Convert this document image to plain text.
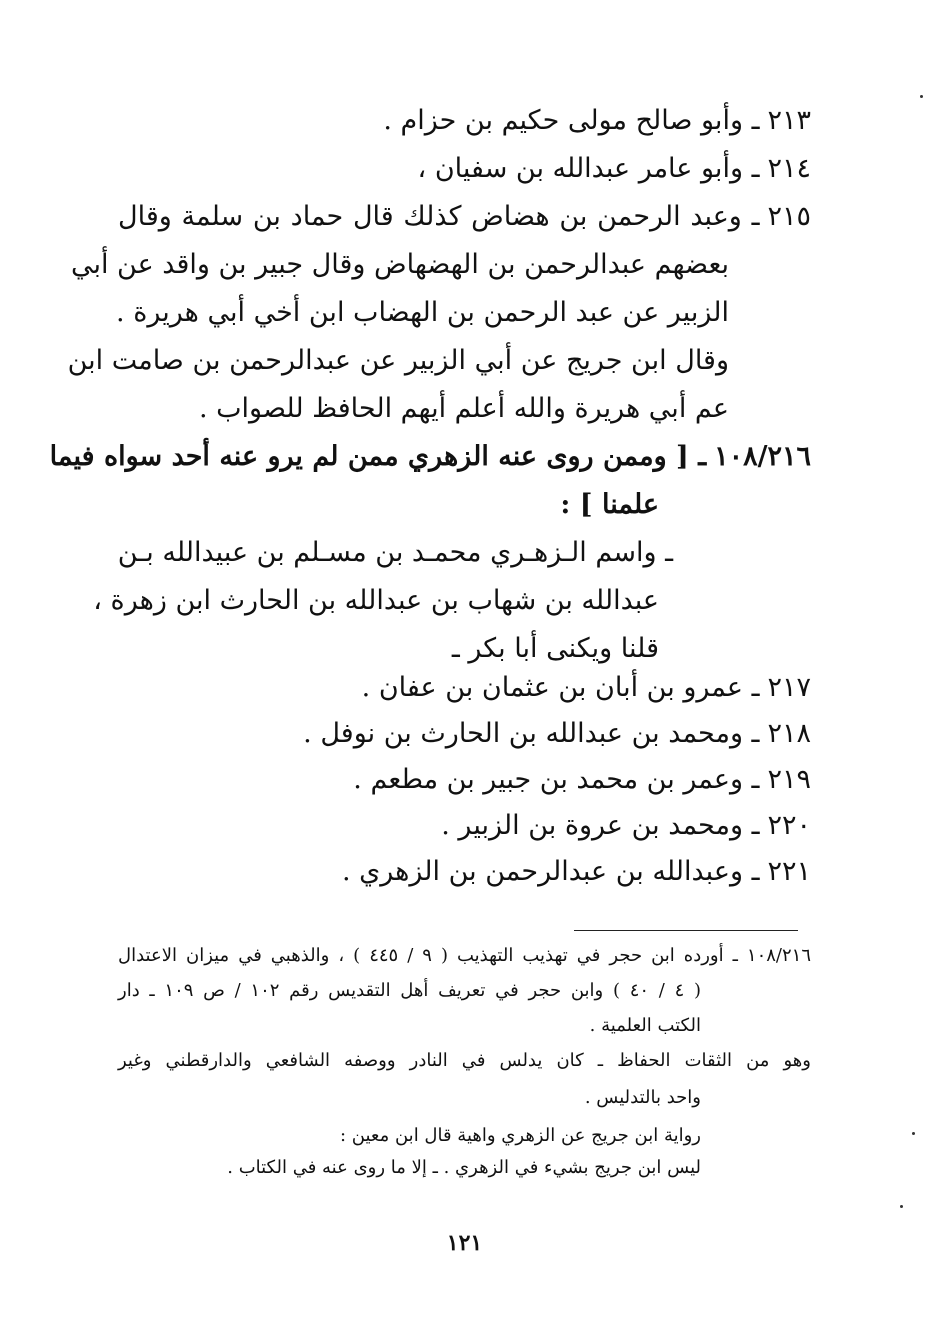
٢١٣ـ وأبو صالح مولى حكيم بن حزام .
٢١٤ـ وأبو عامر عبدالله بن سفيان ،
٢١٥ـ وعبد الرحمن بن هضاض كذلك قال حماد بن سلمة وقال
بعضهم عبدالرحمن بن الهضهاض وقال جبير بن واقد عن أبي
الزبير عن عبد الرحمن بن الهضاب ابن أخي أبي هريرة .
وقال ابن جريج عن أبي الزبير عن عبدالرحمن بن صامت ابن
عم أبي هريرة والله أعلم أيهم الحافظ للصواب .
١٠٨/٢١٦ـ [ وممن روى عنه الزهري ممن لم يرو عنه أحد سواه فيما
علمنا ] :
ـ واسم الـزهـري محمـد بن مسـلم بن عبيدالله بـن
عبدالله بن شهاب بن عبدالله بن الحارث ابن زهرة ،
قلنا ويكنى أبا بكر ـ
٢١٧ـ عمرو بن أبان بن عثمان بن عفان .
٢١٨ـ ومحمد بن عبدالله بن الحارث بن نوفل .
٢١٩ـ وعمر بن محمد بن جبير بن مطعم .
٢٢٠ـ ومحمد بن عروة بن الزبير .
٢٢١ـ وعبدالله بن عبدالرحمن بن الزهري .
١٠٨/٢١٦ ـ أورده ابن حجر في تهذيب التهذيب ( ٩ / ٤٤٥ ) ، والذهبي في ميزان الاعتدال
( ٤ / ٤٠ ) وابن حجر في تعريف أهل التقديس رقم ١٠٢ / ص ١٠٩ ـ دار
الكتب العلمية .
وهو من الثقات الحفاظ ـ كان يدلس في النادر ووصفه الشافعي والدارقطني وغير
واحد بالتدليس .
رواية ابن جريج عن الزهري واهية قال ابن معين :
ليس ابن جريج بشيء في الزهري . ـ إلا ما روى عنه في الكتاب .
١٢١
